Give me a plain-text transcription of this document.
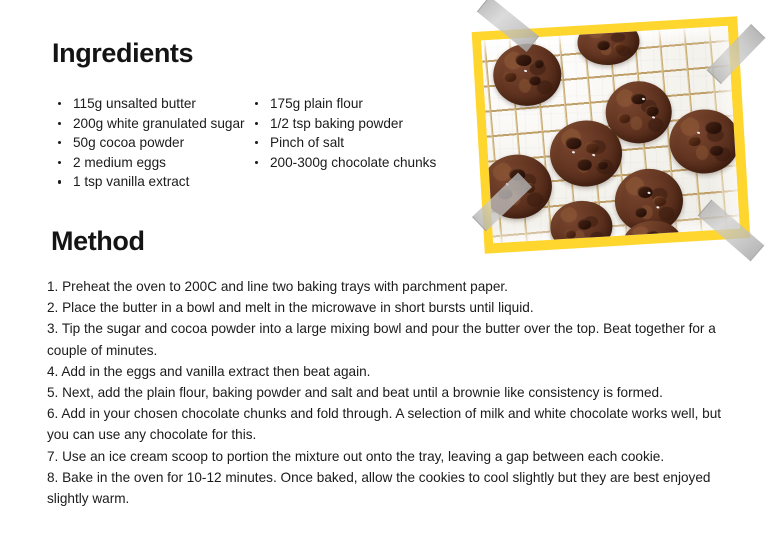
Ingredients
115g unsalted butter
200g white granulated sugar
50g cocoa powder
2 medium eggs
1 tsp vanilla extract
175g plain flour
1/2 tsp baking powder
Pinch of salt
200-300g chocolate chunks
Method

1. Preheat the oven to 200C and line two baking trays with parchment paper.

2. Place the butter in a bowl and melt in the microwave in short bursts until liquid.

3. Tip the sugar and cocoa powder into a large mixing bowl and pour the butter over the top. Beat together for a couple of minutes.

4. Add in the eggs and vanilla extract then beat again.

5. Next, add the plain flour, baking powder and salt and beat until a brownie like consistency is formed.

6. Add in your chosen chocolate chunks and fold through. A selection of milk and white chocolate works well, but you can use any chocolate for this.

7. Use an ice cream scoop to portion the mixture out onto the tray, leaving a gap between each cookie.

8. Bake in the oven for 10-12 minutes. Once baked, allow the cookies to cool slightly but they are best enjoyed slightly warm.
